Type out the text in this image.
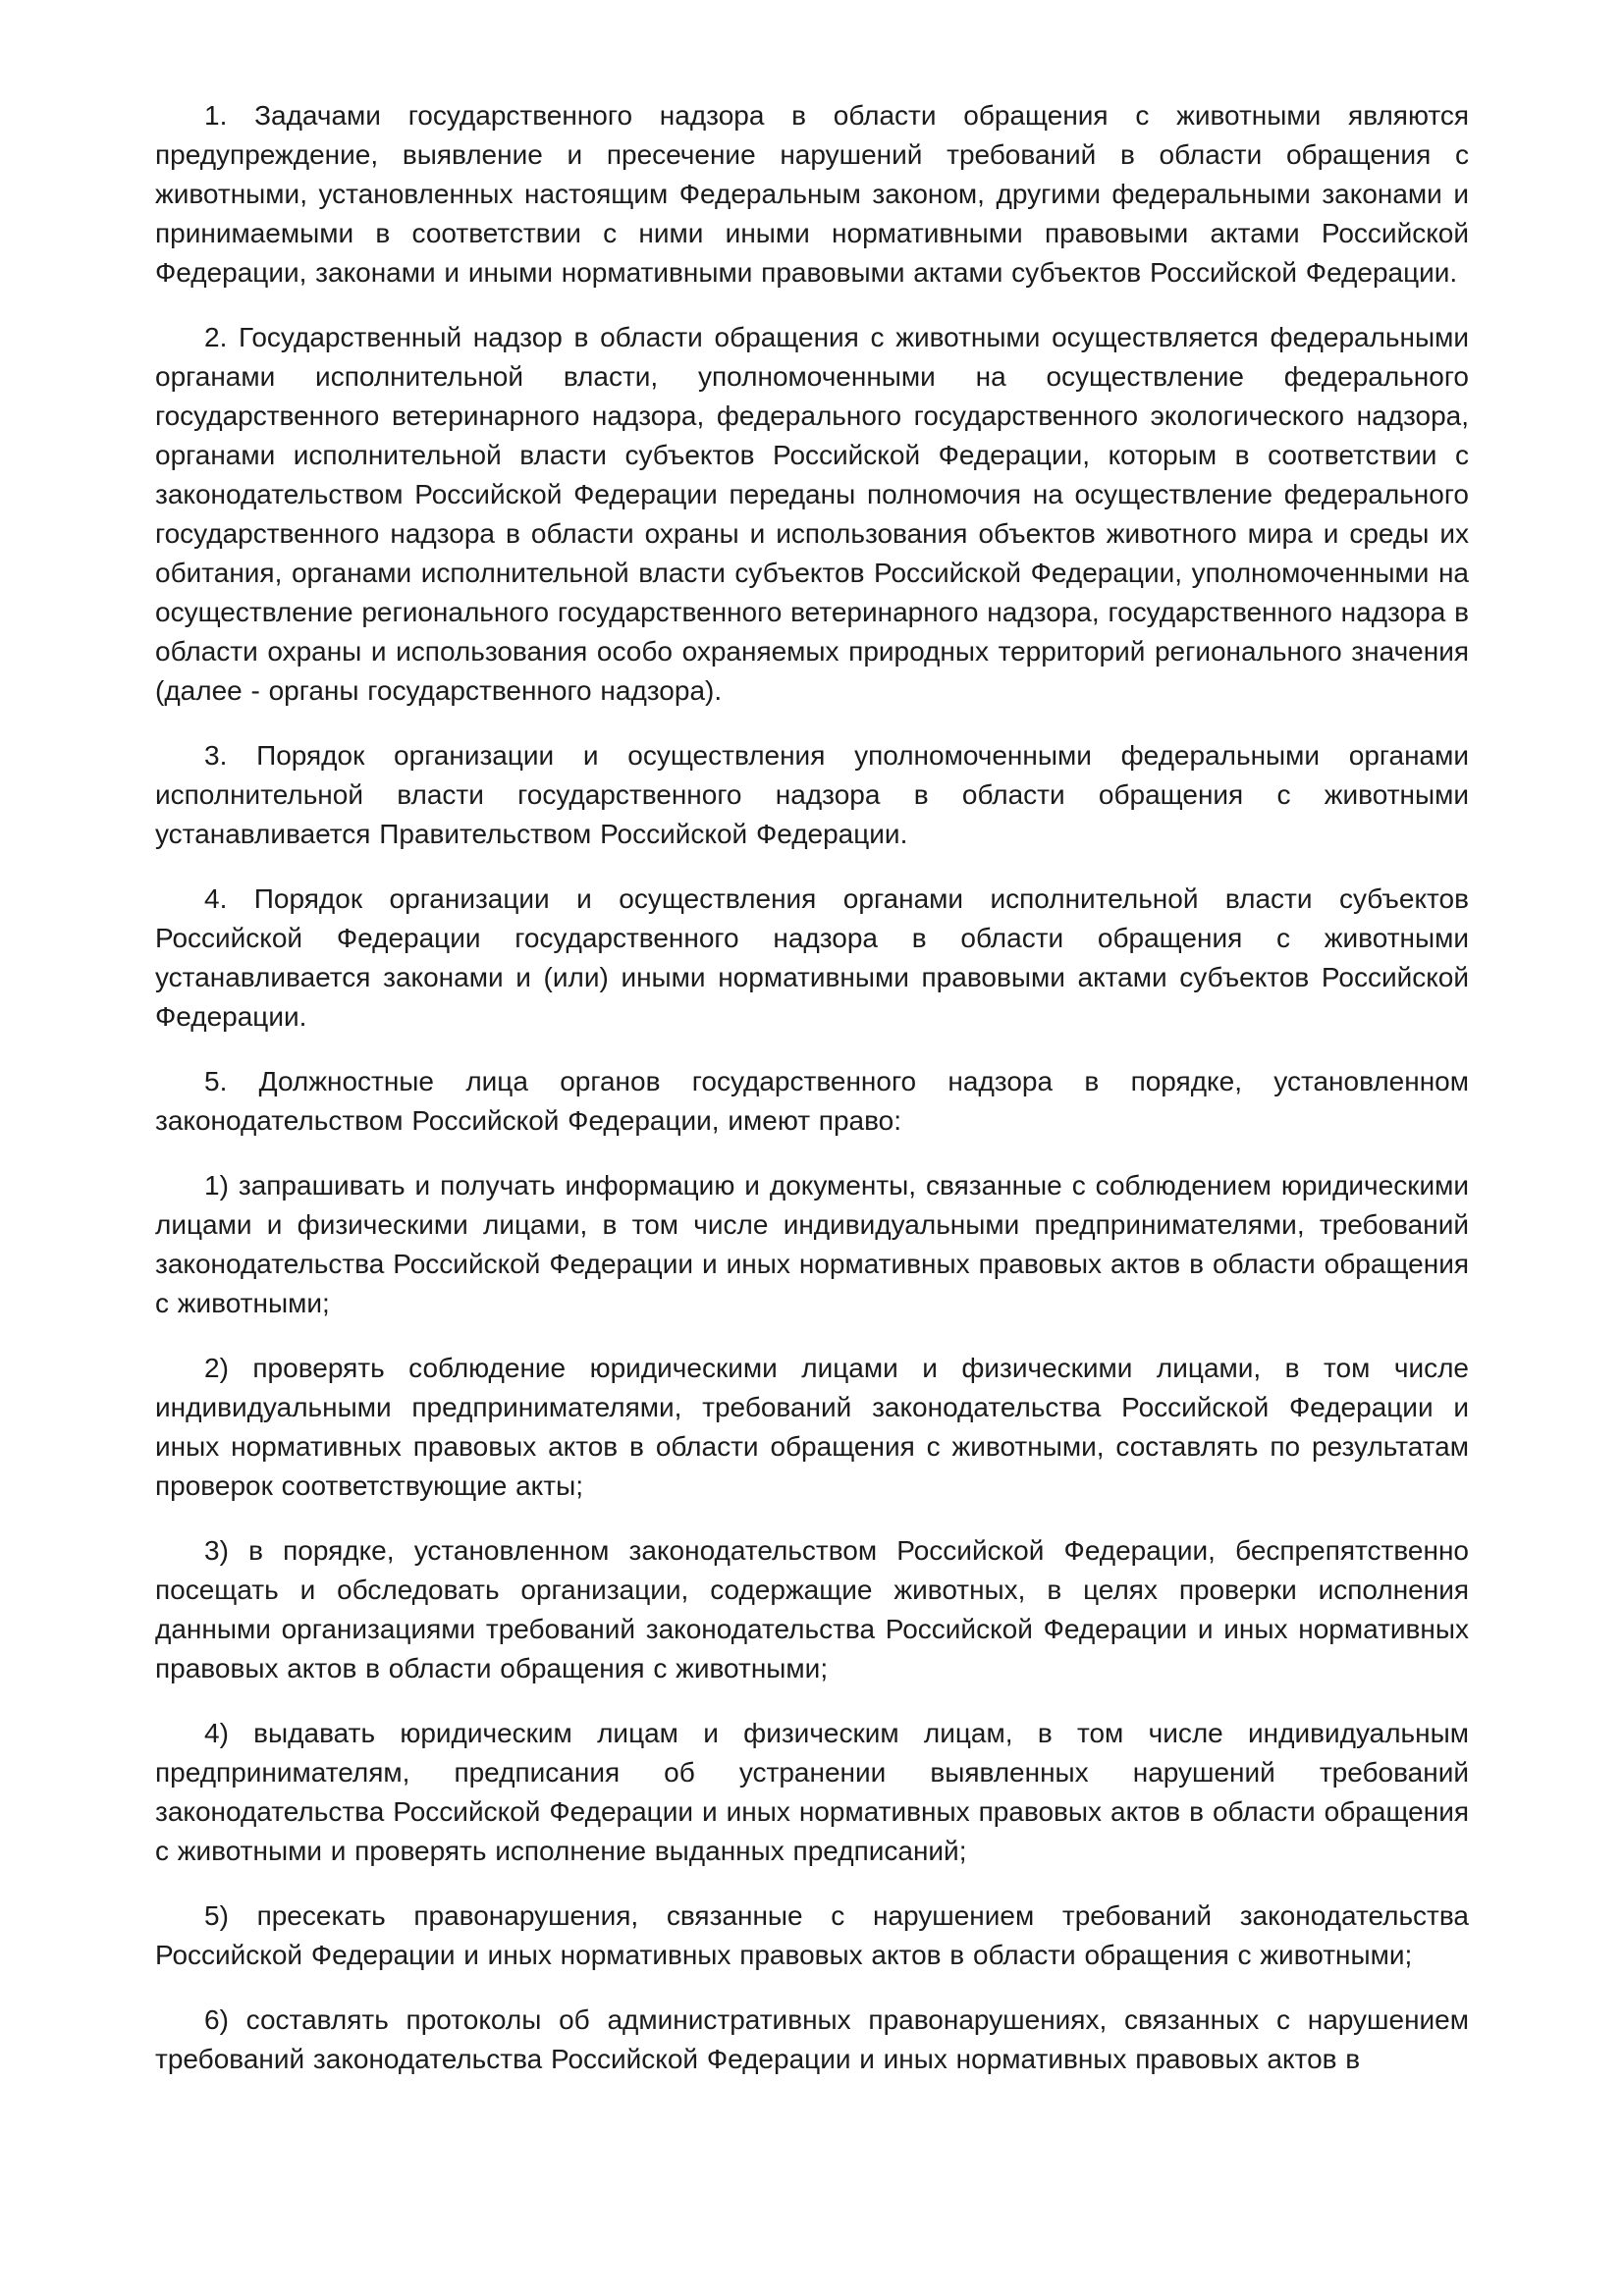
1. Задачами государственного надзора в области обращения с животными являются предупреждение, выявление и пресечение нарушений требований в области обращения с животными, установленных настоящим Федеральным законом, другими федеральными законами и принимаемыми в соответствии с ними иными нормативными правовыми актами Российской Федерации, законами и иными нормативными правовыми актами субъектов Российской Федерации.

2. Государственный надзор в области обращения с животными осуществляется федеральными органами исполнительной власти, уполномоченными на осуществление федерального государственного ветеринарного надзора, федерального государственного экологического надзора, органами исполнительной власти субъектов Российской Федерации, которым в соответствии с законодательством Российской Федерации переданы полномочия на осуществление федерального государственного надзора в области охраны и использования объектов животного мира и среды их обитания, органами исполнительной власти субъектов Российской Федерации, уполномоченными на осуществление регионального государственного ветеринарного надзора, государственного надзора в области охраны и использования особо охраняемых природных территорий регионального значения (далее - органы государственного надзора).

3. Порядок организации и осуществления уполномоченными федеральными органами исполнительной власти государственного надзора в области обращения с животными устанавливается Правительством Российской Федерации.

4. Порядок организации и осуществления органами исполнительной власти субъектов Российской Федерации государственного надзора в области обращения с животными устанавливается законами и (или) иными нормативными правовыми актами субъектов Российской Федерации.

5. Должностные лица органов государственного надзора в порядке, установленном законодательством Российской Федерации, имеют право:

1) запрашивать и получать информацию и документы, связанные с соблюдением юридическими лицами и физическими лицами, в том числе индивидуальными предпринимателями, требований законодательства Российской Федерации и иных нормативных правовых актов в области обращения с животными;

2) проверять соблюдение юридическими лицами и физическими лицами, в том числе индивидуальными предпринимателями, требований законодательства Российской Федерации и иных нормативных правовых актов в области обращения с животными, составлять по результатам проверок соответствующие акты;

3) в порядке, установленном законодательством Российской Федерации, беспрепятственно посещать и обследовать организации, содержащие животных, в целях проверки исполнения данными организациями требований законодательства Российской Федерации и иных нормативных правовых актов в области обращения с животными;

4) выдавать юридическим лицам и физическим лицам, в том числе индивидуальным предпринимателям, предписания об устранении выявленных нарушений требований законодательства Российской Федерации и иных нормативных правовых актов в области обращения с животными и проверять исполнение выданных предписаний;

5) пресекать правонарушения, связанные с нарушением требований законодательства Российской Федерации и иных нормативных правовых актов в области обращения с животными;

6) составлять протоколы об административных правонарушениях, связанных с нарушением требований законодательства Российской Федерации и иных нормативных правовых актов в
